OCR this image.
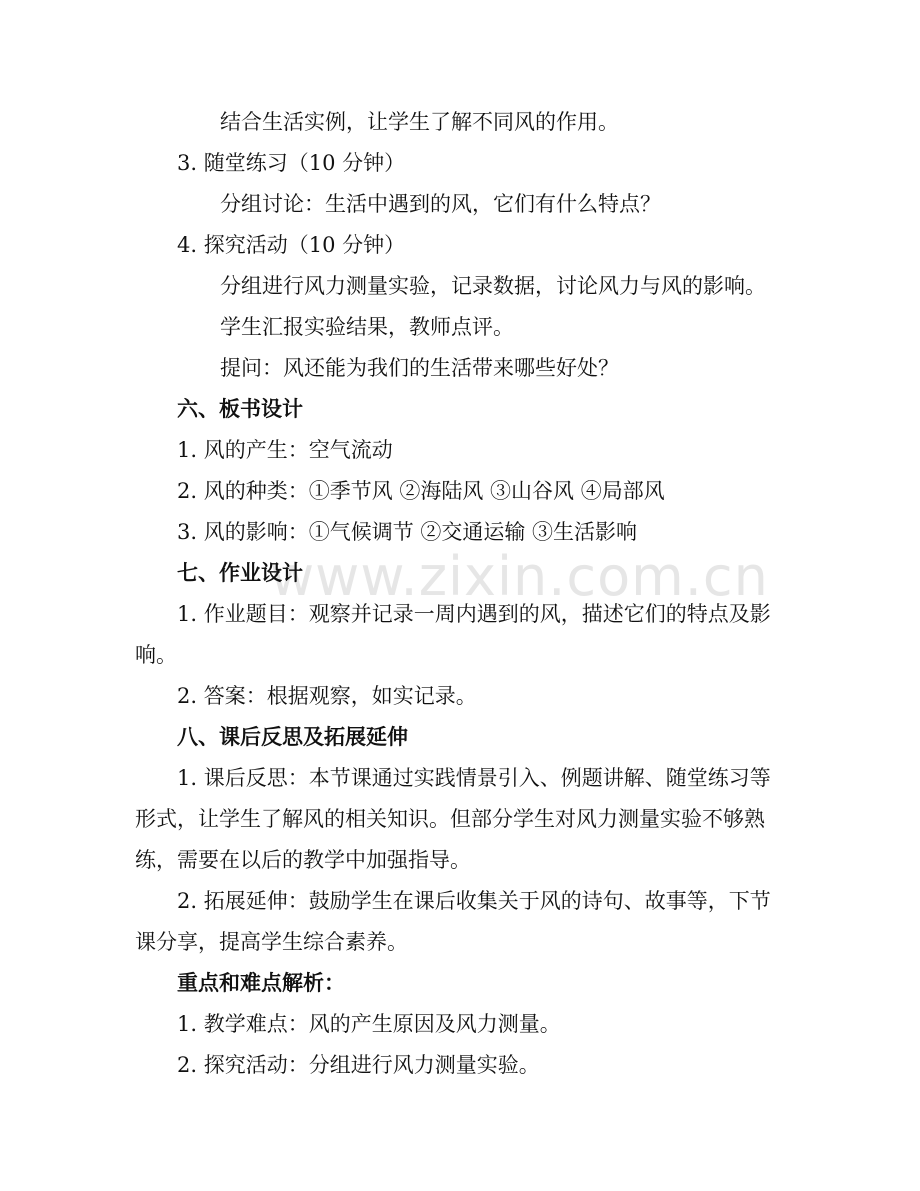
www.zixin.com.cn
结合生活实例，让学生了解不同风的作用。
3. 随堂练习（10 分钟）
分组讨论：生活中遇到的风，它们有什么特点？
4. 探究活动（10 分钟）
分组进行风力测量实验，记录数据，讨论风力与风的影响。
学生汇报实验结果，教师点评。
提问：风还能为我们的生活带来哪些好处？
六、板书设计
1. 风的产生：空气流动
2. 风的种类：①季节风 ②海陆风 ③山谷风 ④局部风
3. 风的影响：①气候调节 ②交通运输 ③生活影响
七、作业设计
1. 作业题目：观察并记录一周内遇到的风，描述它们的特点及影
响。
2. 答案：根据观察，如实记录。
八、课后反思及拓展延伸
1. 课后反思：本节课通过实践情景引入、例题讲解、随堂练习等
形式，让学生了解风的相关知识。但部分学生对风力测量实验不够熟
练，需要在以后的教学中加强指导。
2. 拓展延伸：鼓励学生在课后收集关于风的诗句、故事等，下节
课分享，提高学生综合素养。
重点和难点解析：
1. 教学难点：风的产生原因及风力测量。
2. 探究活动：分组进行风力测量实验。
